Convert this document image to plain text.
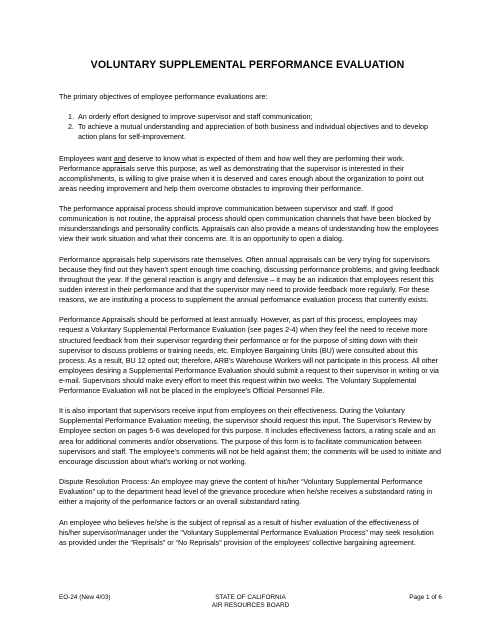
VOLUNTARY SUPPLEMENTAL PERFORMANCE EVALUATION

The primary objectives of employee performance evaluations are:

1. An orderly effort designed to improve supervisor and staff communication;
2. To achieve a mutual understanding and appreciation of both business and individual objectives and to develop action plans for self-improvement.

Employees want and deserve to know what is expected of them and how well they are performing their work. Performance appraisals serve this purpose, as well as demonstrating that the supervisor is interested in their accomplishments, is willing to give praise when it is deserved and cares enough about the organization to point out areas needing improvement and help them overcome obstacles to improving their performance.

The performance appraisal process should improve communication between supervisor and staff. If good communication is not routine, the appraisal process should open communication channels that have been blocked by misunderstandings and personality conflicts. Appraisals can also provide a means of understanding how the employees view their work situation and what their concerns are. It is an opportunity to open a dialog.

Performance appraisals help supervisors rate themselves. Often annual appraisals can be very trying for supervisors because they find out they haven’t spent enough time coaching, discussing performance problems, and giving feedback throughout the year. If the general reaction is angry and defensive – it may be an indication that employees resent this sudden interest in their performance and that the supervisor may need to provide feedback more regularly. For these reasons, we are instituting a process to supplement the annual performance evaluation process that currently exists.

Performance Appraisals should be performed at least annually. However, as part of this process, employees may request a Voluntary Supplemental Performance Evaluation (see pages 2-4) when they feel the need to receive more structured feedback from their supervisor regarding their performance or for the purpose of sitting down with their supervisor to discuss problems or training needs, etc. Employee Bargaining Units (BU) were consulted about this process. As a result, BU 12 opted out; therefore, ARB’s Warehouse Workers will not participate in this process. All other employees desiring a Supplemental Performance Evaluation should submit a request to their supervisor in writing or via e-mail. Supervisors should make every effort to meet this request within two weeks. The Voluntary Supplemental Performance Evaluation will not be placed in the employee’s Official Personnel File.

It is also important that supervisors receive input from employees on their effectiveness. During the Voluntary Supplemental Performance Evaluation meeting, the supervisor should request this input. The Supervisor’s Review by Employee section on pages 5-6 was developed for this purpose. It includes effectiveness factors, a rating scale and an area for additional comments and/or observations. The purpose of this form is to facilitate communication between supervisors and staff. The employee’s comments will not be held against them; the comments will be used to initiate and encourage discussion about what’s working or not working.

Dispute Resolution Process: An employee may grieve the content of his/her “Voluntary Supplemental Performance Evaluation” up to the department head level of the grievance procedure when he/she receives a substandard rating in either a majority of the performance factors or an overall substandard rating.

An employee who believes he/she is the subject of reprisal as a result of his/her evaluation of the effectiveness of his/her supervisor/manager under the “Voluntary Supplemental Performance Evaluation Process” may seek resolution as provided under the “Reprisals” or “No Reprisals” provision of the employees’ collective bargaining agreement.

EO-24 (New 4/03)	STATE OF CALIFORNIA
AIR RESOURCES BOARD
Page 1 of 6
